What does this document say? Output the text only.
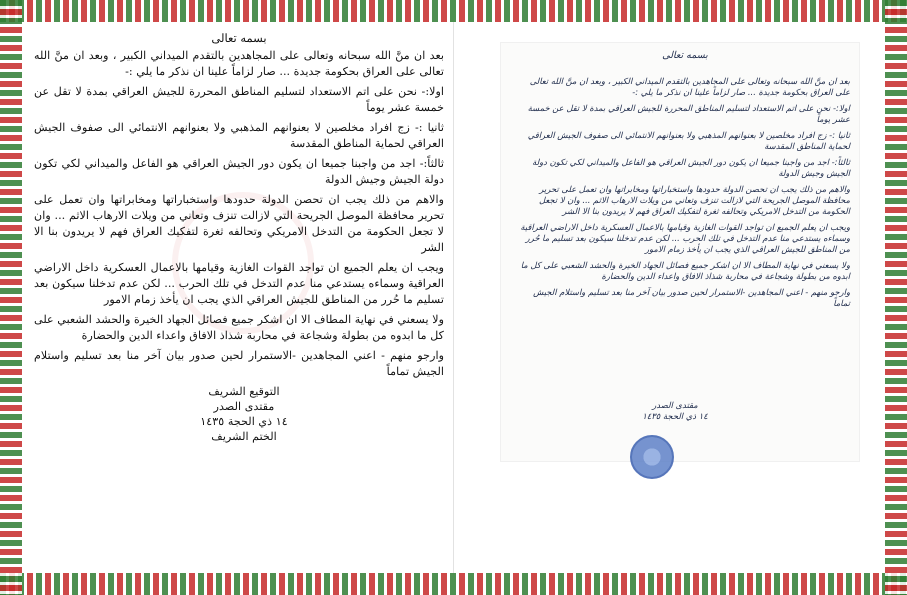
بسمه تعالى

بعد ان منَّ الله سبحانه وتعالى على المجاهدين بالتقدم الميداني الكبير ، وبعد ان منَّ الله تعالى على العراق بحكومة جديدة ... صار لزاماً علينا ان نذكر ما يلي :-

اولا:- نحن على اتم الاستعداد لتسليم المناطق المحررة للجيش العراقي بمدة لا تقل عن خمسة عشر يوماً

ثانيا :- زج افراد مخلصين لا بعنوانهم المذهبي ولا بعنوانهم الانتمائي الى صفوف الجيش العراقي لحماية المناطق المقدسة

ثالثاً:- اجد من واجبنا جميعا ان يكون دور الجيش العراقي هو الفاعل والميداني لكي تكون دولة الجيش وجيش الدولة

والاهم من ذلك يجب ان تحصن الدولة حدودها واستخباراتها ومخابراتها وان تعمل على تحرير محافظة الموصل الجريحة التي لازالت تنزف وتعاني من ويلات الارهاب الاثم ... وان لا تجعل الحكومة من التدخل الامريكي وتحالفه ثغرة لتفكيك العراق فهم لا يريدون بنا الا الشر

ويجب ان يعلم الجميع ان تواجد القوات الغازية وقيامها بالاعمال العسكرية داخل الاراضي العراقية وسماءه يستدعي منا عدم التدخل في تلك الحرب ... لكن عدم تدخلنا سيكون بعد تسليم ما حُرر من المناطق للجيش العراقي الذي يجب ان يأخذ زمام الامور

ولا يسعني في نهاية المطاف الا ان اشكر جميع فصائل الجهاد الخيرة والحشد الشعبي على كل ما ابدوه من بطولة وشجاعة في محاربة شذاذ الافاق واعداء الدين والحضارة

وارجو منهم - اعني المجاهدين -الاستمرار لحين صدور بيان آخر منا بعد تسليم واستلام الجيش تماماً

التوقيع الشريف
مقتدى الصدر
١٤ ذي الحجة ١٤٣٥
الختم الشريف
بسمه تعالى

بعد ان منَّ الله سبحانه وتعالى على المجاهدين بالتقدم الميداني الكبير ، وبعد ان منَّ الله تعالى على العراق بحكومة جديدة ... صار لزاماً علينا ان نذكر ما يلي :-

اولا:- نحن على اتم الاستعداد لتسليم المناطق المحررة للجيش العراقي بمدة لا تقل عن خمسة عشر يوماً

ثانيا :- زج افراد مخلصين لا بعنوانهم المذهبي ولا بعنوانهم الانتمائي الى صفوف الجيش العراقي لحماية المناطق المقدسة

ثالثاً:- اجد من واجبنا جميعا ان يكون دور الجيش العراقي هو الفاعل والميداني لكي تكون دولة الجيش وجيش الدولة

والاهم من ذلك يجب ان تحصن الدولة حدودها واستخباراتها ومخابراتها وان تعمل على تحرير محافظة الموصل الجريحة التي لازالت تنزف وتعاني من ويلات الارهاب الاثم ... وان لا تجعل الحكومة من التدخل الامريكي وتحالفه ثغرة لتفكيك العراق فهم لا يريدون بنا الا الشر

ويجب ان يعلم الجميع ان تواجد القوات الغازية وقيامها بالاعمال العسكرية داخل الاراضي العراقية وسماءه يستدعي منا عدم التدخل في تلك الحرب ... لكن عدم تدخلنا سيكون بعد تسليم ما حُرر من المناطق للجيش العراقي الذي يجب ان يأخذ زمام الامور

ولا يسعني في نهاية المطاف الا ان اشكر جميع فصائل الجهاد الخيرة والحشد الشعبي على كل ما ابدوه من بطولة وشجاعة في محاربة شذاذ الافاق واعداء الدين والحضارة

وارجو منهم - اعني المجاهدين -الاستمرار لحين صدور بيان آخر منا بعد تسليم واستلام الجيش تماماً

مقتدى الصدر
١٤ ذي الحجة ١٤٣٥
